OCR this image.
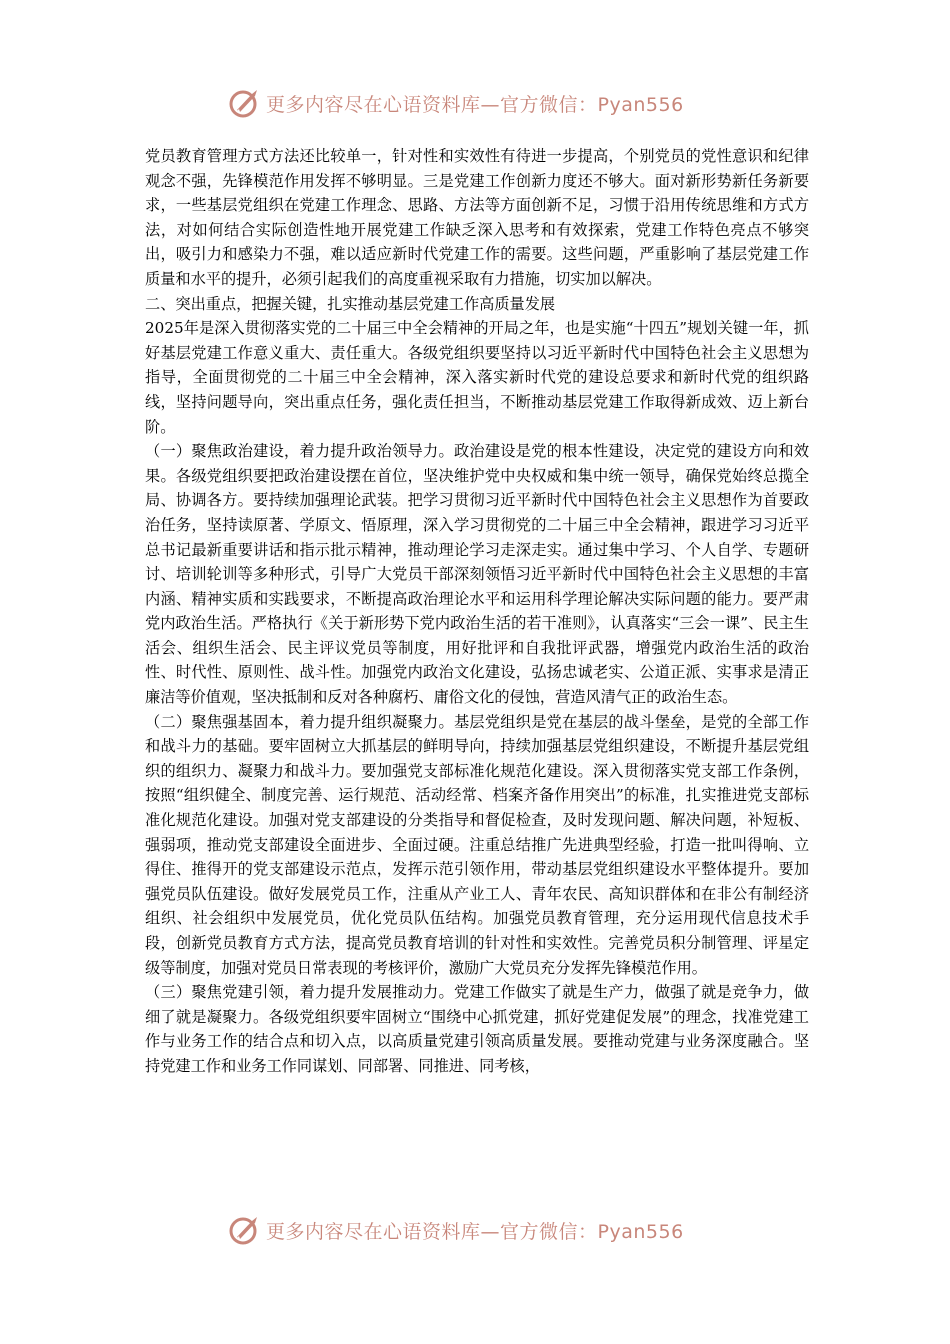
更多内容尽在心语资料库—官方微信：Pyan556

党员教育管理方式方法还比较单一，针对性和实效性有待进一步提高，个别党员的党性意识和纪律观念不强，先锋模范作用发挥不够明显。三是党建工作创新力度还不够大。面对新形势新任务新要求，一些基层党组织在党建工作理念、思路、方法等方面创新不足，习惯于沿用传统思维和方式方法，对如何结合实际创造性地开展党建工作缺乏深入思考和有效探索，党建工作特色亮点不够突出，吸引力和感染力不强，难以适应新时代党建工作的需要。这些问题，严重影响了基层党建工作质量和水平的提升，必须引起我们的高度重视采取有力措施，切实加以解决。

二、突出重点，把握关键，扎实推动基层党建工作高质量发展

2025年是深入贯彻落实党的二十届三中全会精神的开局之年，也是实施“十四五”规划关键一年，抓好基层党建工作意义重大、责任重大。各级党组织要坚持以习近平新时代中国特色社会主义思想为指导，全面贯彻党的二十届三中全会精神，深入落实新时代党的建设总要求和新时代党的组织路线，坚持问题导向，突出重点任务，强化责任担当，不断推动基层党建工作取得新成效、迈上新台阶。

（一）聚焦政治建设，着力提升政治领导力。政治建设是党的根本性建设，决定党的建设方向和效果。各级党组织要把政治建设摆在首位，坚决维护党中央权威和集中统一领导，确保党始终总揽全局、协调各方。要持续加强理论武装。把学习贯彻习近平新时代中国特色社会主义思想作为首要政治任务，坚持读原著、学原文、悟原理，深入学习贯彻党的二十届三中全会精神，跟进学习习近平总书记最新重要讲话和指示批示精神，推动理论学习走深走实。通过集中学习、个人自学、专题研讨、培训轮训等多种形式，引导广大党员干部深刻领悟习近平新时代中国特色社会主义思想的丰富内涵、精神实质和实践要求，不断提高政治理论水平和运用科学理论解决实际问题的能力。要严肃党内政治生活。严格执行《关于新形势下党内政治生活的若干准则》，认真落实“三会一课”、民主生活会、组织生活会、民主评议党员等制度，用好批评和自我批评武器，增强党内政治生活的政治性、时代性、原则性、战斗性。加强党内政治文化建设，弘扬忠诚老实、公道正派、实事求是清正廉洁等价值观，坚决抵制和反对各种腐朽、庸俗文化的侵蚀，营造风清气正的政治生态。

（二）聚焦强基固本，着力提升组织凝聚力。基层党组织是党在基层的战斗堡垒，是党的全部工作和战斗力的基础。要牢固树立大抓基层的鲜明导向，持续加强基层党组织建设，不断提升基层党组织的组织力、凝聚力和战斗力。要加强党支部标准化规范化建设。深入贯彻落实党支部工作条例，按照“组织健全、制度完善、运行规范、活动经常、档案齐备作用突出”的标准，扎实推进党支部标准化规范化建设。加强对党支部建设的分类指导和督促检查，及时发现问题、解决问题，补短板、强弱项，推动党支部建设全面进步、全面过硬。注重总结推广先进典型经验，打造一批叫得响、立得住、推得开的党支部建设示范点，发挥示范引领作用，带动基层党组织建设水平整体提升。要加强党员队伍建设。做好发展党员工作，注重从产业工人、青年农民、高知识群体和在非公有制经济组织、社会组织中发展党员，优化党员队伍结构。加强党员教育管理，充分运用现代信息技术手段，创新党员教育方式方法，提高党员教育培训的针对性和实效性。完善党员积分制管理、评星定级等制度，加强对党员日常表现的考核评价，激励广大党员充分发挥先锋模范作用。

（三）聚焦党建引领，着力提升发展推动力。党建工作做实了就是生产力，做强了就是竞争力，做细了就是凝聚力。各级党组织要牢固树立“围绕中心抓党建，抓好党建促发展”的理念，找准党建工作与业务工作的结合点和切入点，以高质量党建引领高质量发展。要推动党建与业务深度融合。坚持党建工作和业务工作同谋划、同部署、同推进、同考核，

更多内容尽在心语资料库—官方微信：Pyan556
